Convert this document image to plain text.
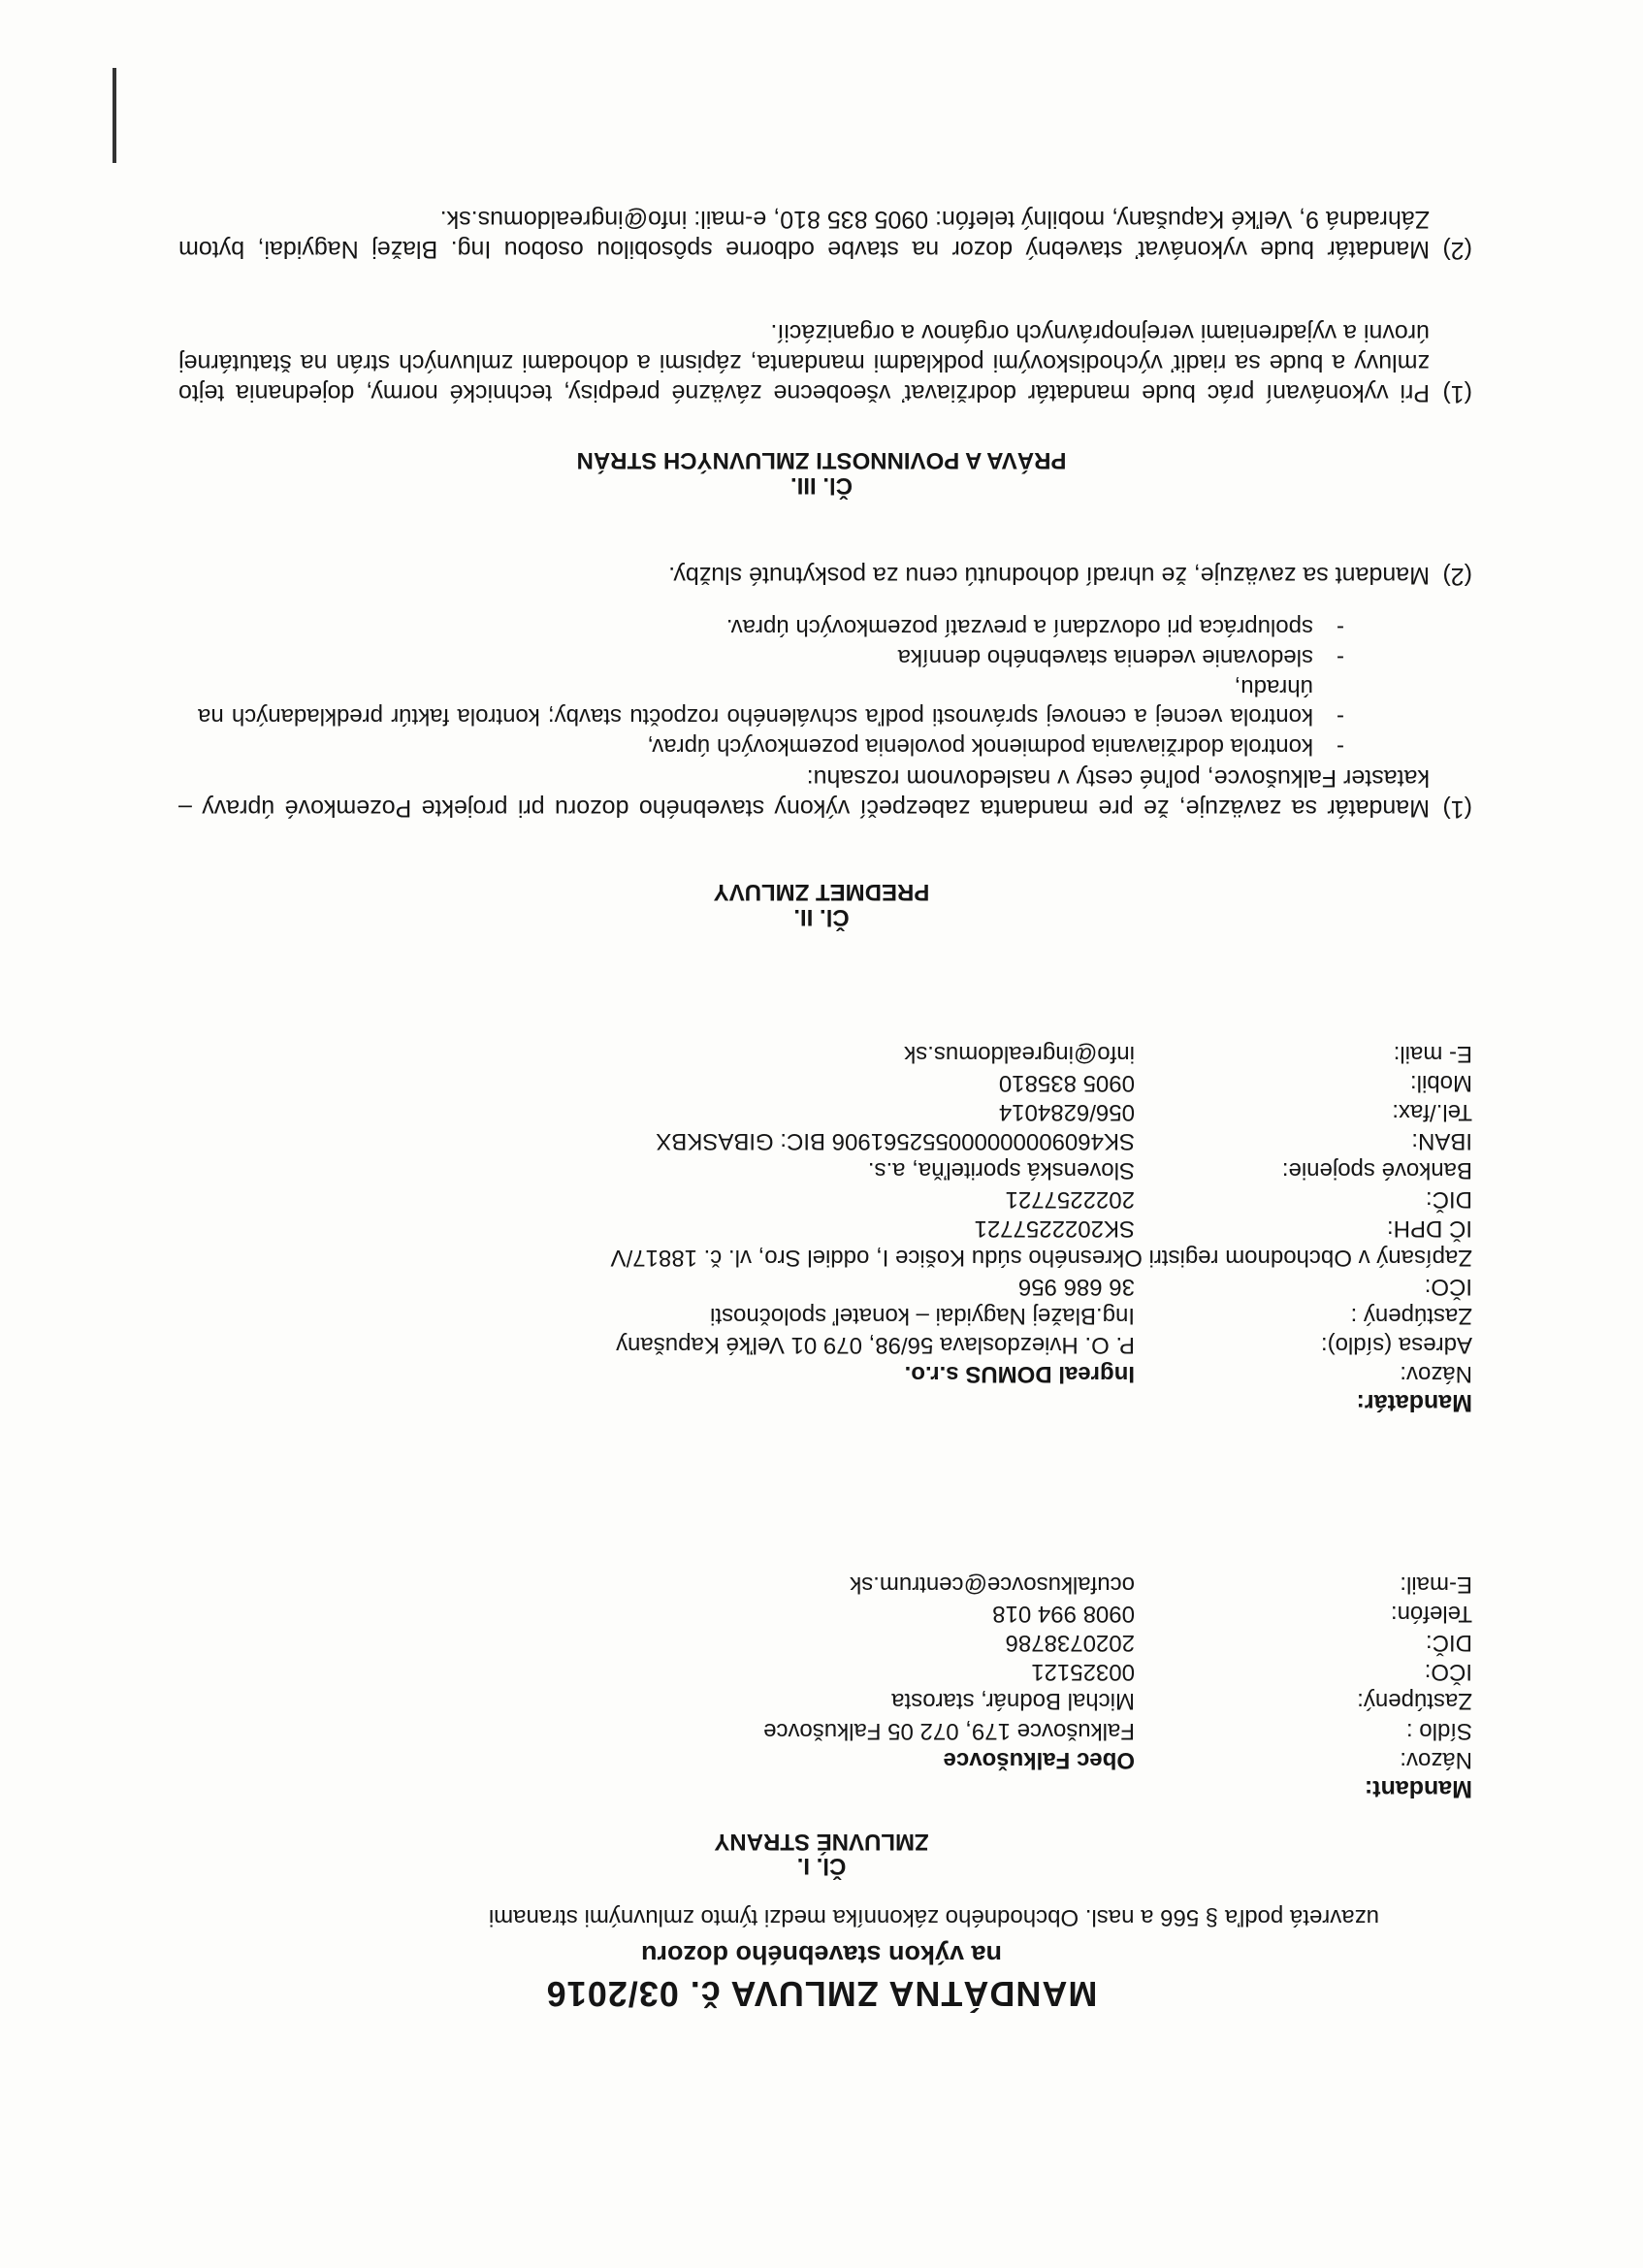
MANDÁTNA ZMLUVA č. 03/2016
na výkon stavebného dozoru
uzavretá podľa § 566 a nasl. Obchodného zákonníka medzi týmto zmluvnými stranami
Čl. I.
ZMLUVNÉ STRANY
Mandant:
Názov:
Obec Falkušovce
Sídlo :
Falkušovce 179, 072 05 Falkušovce
Zastúpený:
Michal Bodnár, starosta
IČO:
00325121
DIČ:
2020738786
Telefón:
0908 994 018
E-mail:
ocufalkusovce@centrum.sk
Mandatár:
Názov:
Ingreal DOMUS s.r.o.
Adresa (sídlo):
P. O. Hviezdoslava 56/98, 079 01 Veľké Kapušany
Zastúpený :
Ing.Blažej Nagyidai – konateľ spoločnosti
IČO:
36 686 956
Zapísaný v Obchodnom registri Okresného súdu Košice I, oddiel Sro, vl. č. 18817/V
IČ DPH:
SK2022257721
DIČ:
2022257721
Bankové spojenie:
Slovenská sporiteľňa, a.s.
IBAN:
SK460900000000552561906 BIC: GIBASKBX
Tel./fax:
056/6284014
Mobil:
0905 835810
E- mail:
info@ingrealdomus.sk
Čl. II.
PREDMET ZMLUVY
(1)
Mandatár sa zaväzuje, že pre mandanta zabezpečí výkony stavebného dozoru pri projekte Pozemkové úpravy – kataster Falkušovce, poľné cesty v nasledovnom rozsahu:
-
kontrola dodržiavania podmienok povolenia pozemkových úprav,
-
kontrola vecnej a cenovej správnosti podľa schváleného rozpočtu stavby; kontrola faktúr predkladaných na úhradu,
-
sledovanie vedenia stavebného denníka
-
spolupráca pri odovzdaní a prevzatí pozemkových úprav.
(2)
Mandant sa zaväzuje, že uhradí dohodnutú cenu za poskytnuté služby.
Čl. III.
PRÁVA A POVINNOSTI ZMLUVNÝCH STRÁN
(1)
Pri vykonávaní prác bude mandatár dodržiavať všeobecne záväzné predpisy, technické normy, dojednania tejto zmluvy a bude sa riadiť východiskovými podkladmi mandanta, zápismi a dohodami zmluvných strán na štatutárnej úrovni a vyjadreniami verejnoprávnych orgánov a organizácií.
(2)
Mandatár bude vykonávať stavebný dozor na stavbe odborne spôsobilou osobou Ing. Blažej Nagyidai, bytom Záhradná 9, Veľké Kapušany, mobilný telefón: 0905 835 810, e-mail: info@ingrealdomus.sk.
